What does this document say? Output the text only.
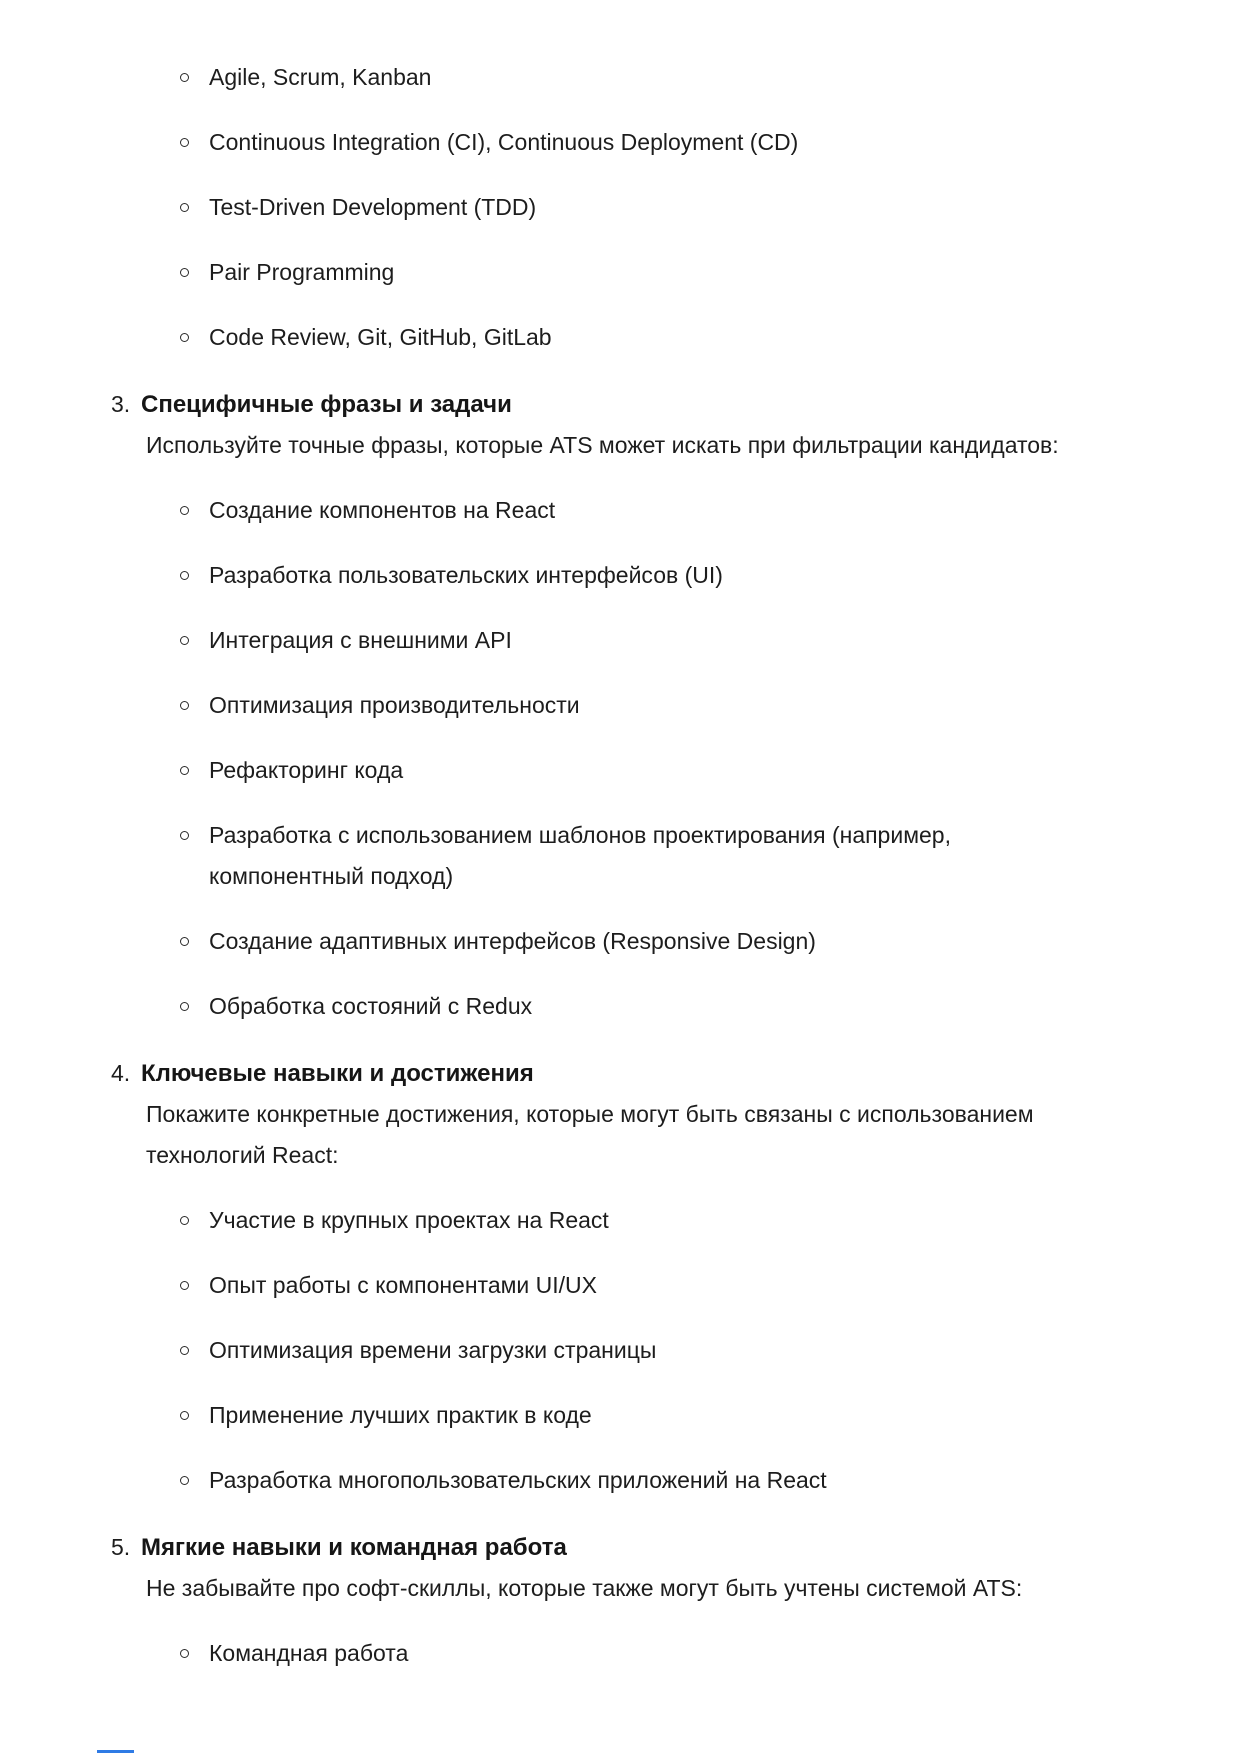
Agile, Scrum, Kanban
Continuous Integration (CI), Continuous Deployment (CD)
Test-Driven Development (TDD)
Pair Programming
Code Review, Git, GitHub, GitLab
3. Специфичные фразы и задачи

Используйте точные фразы, которые ATS может искать при фильтрации кандидатов:

Создание компонентов на React
Разработка пользовательских интерфейсов (UI)
Интеграция с внешними API
Оптимизация производительности
Рефакторинг кода
Разработка с использованием шаблонов проектирования (например,
компонентный подход)
Создание адаптивных интерфейсов (Responsive Design)
Обработка состояний с Redux
4. Ключевые навыки и достижения

Покажите конкретные достижения, которые могут быть связаны с использованием
технологий React:

Участие в крупных проектах на React
Опыт работы с компонентами UI/UX
Оптимизация времени загрузки страницы
Применение лучших практик в коде
Разработка многопользовательских приложений на React
5. Мягкие навыки и командная работа

Не забывайте про софт-скиллы, которые также могут быть учтены системой ATS:

Командная работа
